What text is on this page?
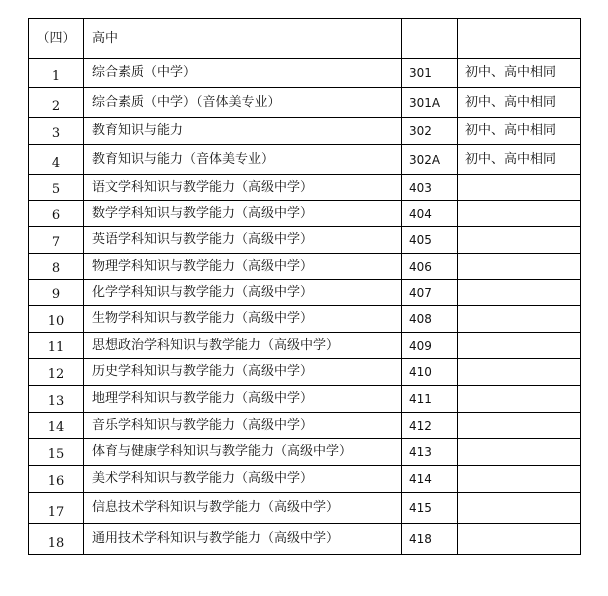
（四）	高中		
1	综合素质（中学）	301	初中、高中相同
2	综合素质（中学）（音体美专业）	301A	初中、高中相同
3	教育知识与能力	302	初中、高中相同
4	教育知识与能力（音体美专业）	302A	初中、高中相同
5	语文学科知识与教学能力（高级中学）	403	
6	数学学科知识与教学能力（高级中学）	404	
7	英语学科知识与教学能力（高级中学）	405	
8	物理学科知识与教学能力（高级中学）	406	
9	化学学科知识与教学能力（高级中学）	407	
10	生物学科知识与教学能力（高级中学）	408	
11	思想政治学科知识与教学能力（高级中学）	409	
12	历史学科知识与教学能力（高级中学）	410	
13	地理学科知识与教学能力（高级中学）	411	
14	音乐学科知识与教学能力（高级中学）	412	
15	体育与健康学科知识与教学能力（高级中学）	413	
16	美术学科知识与教学能力（高级中学）	414	
17	信息技术学科知识与教学能力（高级中学）	415	
18	通用技术学科知识与教学能力（高级中学）	418	
